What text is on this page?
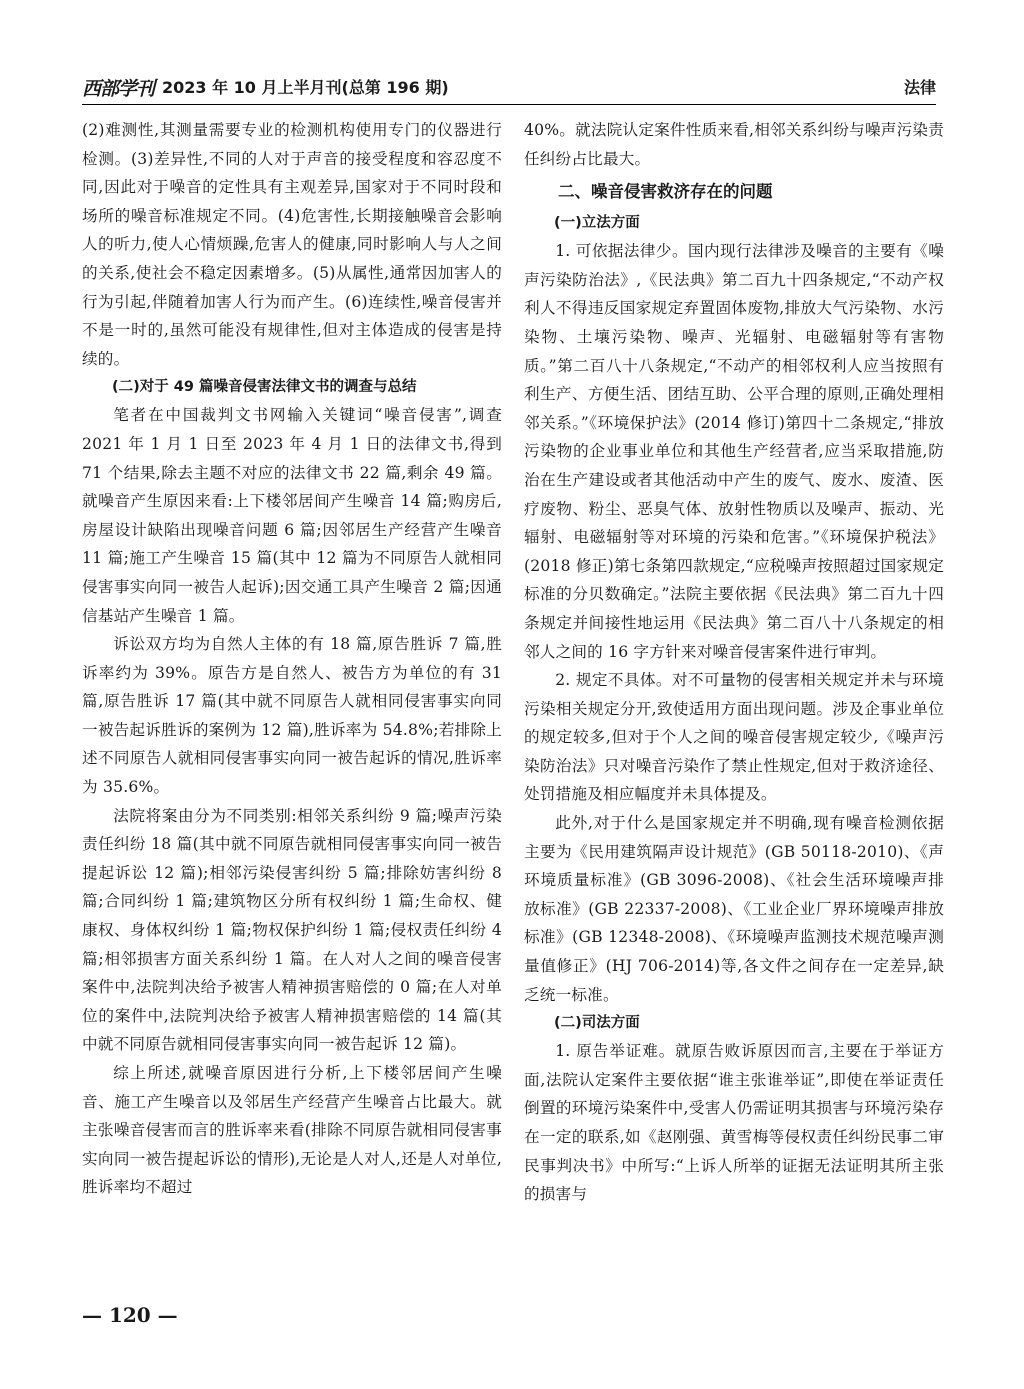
西部学刊 2023 年 10 月上半月刊(总第 196 期)	法律

(2)难测性,其测量需要专业的检测机构使用专门的仪器进行检测。(3)差异性,不同的人对于声音的接受程度和容忍度不同,因此对于噪音的定性具有主观差异,国家对于不同时段和场所的噪音标准规定不同。(4)危害性,长期接触噪音会影响人的听力,使人心情烦躁,危害人的健康,同时影响人与人之间的关系,使社会不稳定因素增多。(5)从属性,通常因加害人的行为引起,伴随着加害人行为而产生。(6)连续性,噪音侵害并不是一时的,虽然可能没有规律性,但对主体造成的侵害是持续的。

(二)对于 49 篇噪音侵害法律文书的调查与总结

笔者在中国裁判文书网输入关键词“噪音侵害”,调查 2021 年 1 月 1 日至 2023 年 4 月 1 日的法律文书,得到 71 个结果,除去主题不对应的法律文书 22 篇,剩余 49 篇。就噪音产生原因来看:上下楼邻居间产生噪音 14 篇;购房后,房屋设计缺陷出现噪音问题 6 篇;因邻居生产经营产生噪音 11 篇;施工产生噪音 15 篇(其中 12 篇为不同原告人就相同侵害事实向同一被告人起诉);因交通工具产生噪音 2 篇;因通信基站产生噪音 1 篇。

诉讼双方均为自然人主体的有 18 篇,原告胜诉 7 篇,胜诉率约为 39%。原告方是自然人、被告方为单位的有 31 篇,原告胜诉 17 篇(其中就不同原告人就相同侵害事实向同一被告起诉胜诉的案例为 12 篇),胜诉率为 54.8%;若排除上述不同原告人就相同侵害事实向同一被告起诉的情况,胜诉率为 35.6%。

法院将案由分为不同类别:相邻关系纠纷 9 篇;噪声污染责任纠纷 18 篇(其中就不同原告就相同侵害事实向同一被告提起诉讼 12 篇);相邻污染侵害纠纷 5 篇;排除妨害纠纷 8 篇;合同纠纷 1 篇;建筑物区分所有权纠纷 1 篇;生命权、健康权、身体权纠纷 1 篇;物权保护纠纷 1 篇;侵权责任纠纷 4 篇;相邻损害方面关系纠纷 1 篇。在人对人之间的噪音侵害案件中,法院判决给予被害人精神损害赔偿的 0 篇;在人对单位的案件中,法院判决给予被害人精神损害赔偿的 14 篇(其中就不同原告就相同侵害事实向同一被告起诉 12 篇)。

综上所述,就噪音原因进行分析,上下楼邻居间产生噪音、施工产生噪音以及邻居生产经营产生噪音占比最大。就主张噪音侵害而言的胜诉率来看(排除不同原告就相同侵害事实向同一被告提起诉讼的情形),无论是人对人,还是人对单位,胜诉率均不超过

40%。就法院认定案件性质来看,相邻关系纠纷与噪声污染责任纠纷占比最大。

二、噪音侵害救济存在的问题
(一)立法方面

1. 可依据法律少。国内现行法律涉及噪音的主要有《噪声污染防治法》,《民法典》第二百九十四条规定,“不动产权利人不得违反国家规定弃置固体废物,排放大气污染物、水污染物、土壤污染物、噪声、光辐射、电磁辐射等有害物质。”第二百八十八条规定,“不动产的相邻权利人应当按照有利生产、方便生活、团结互助、公平合理的原则,正确处理相邻关系。”《环境保护法》(2014 修订)第四十二条规定,“排放污染物的企业事业单位和其他生产经营者,应当采取措施,防治在生产建设或者其他活动中产生的废气、废水、废渣、医疗废物、粉尘、恶臭气体、放射性物质以及噪声、振动、光辐射、电磁辐射等对环境的污染和危害。”《环境保护税法》(2018 修正)第七条第四款规定,“应税噪声按照超过国家规定标准的分贝数确定。”法院主要依据《民法典》第二百九十四条规定并间接性地运用《民法典》第二百八十八条规定的相邻人之间的 16 字方针来对噪音侵害案件进行审判。

2. 规定不具体。对不可量物的侵害相关规定并未与环境污染相关规定分开,致使适用方面出现问题。涉及企事业单位的规定较多,但对于个人之间的噪音侵害规定较少,《噪声污染防治法》只对噪音污染作了禁止性规定,但对于救济途径、处罚措施及相应幅度并未具体提及。

此外,对于什么是国家规定并不明确,现有噪音检测依据主要为《民用建筑隔声设计规范》(GB 50118-2010)、《声环境质量标准》(GB 3096-2008)、《社会生活环境噪声排放标准》(GB 22337-2008)、《工业企业厂界环境噪声排放标准》(GB 12348-2008)、《环境噪声监测技术规范噪声测量值修正》(HJ 706-2014)等,各文件之间存在一定差异,缺乏统一标准。

(二)司法方面

1. 原告举证难。就原告败诉原因而言,主要在于举证方面,法院认定案件主要依据“谁主张谁举证”,即使在举证责任倒置的环境污染案件中,受害人仍需证明其损害与环境污染存在一定的联系,如《赵刚强、黄雪梅等侵权责任纠纷民事二审民事判决书》中所写:“上诉人所举的证据无法证明其所主张的损害与

— 120 —
